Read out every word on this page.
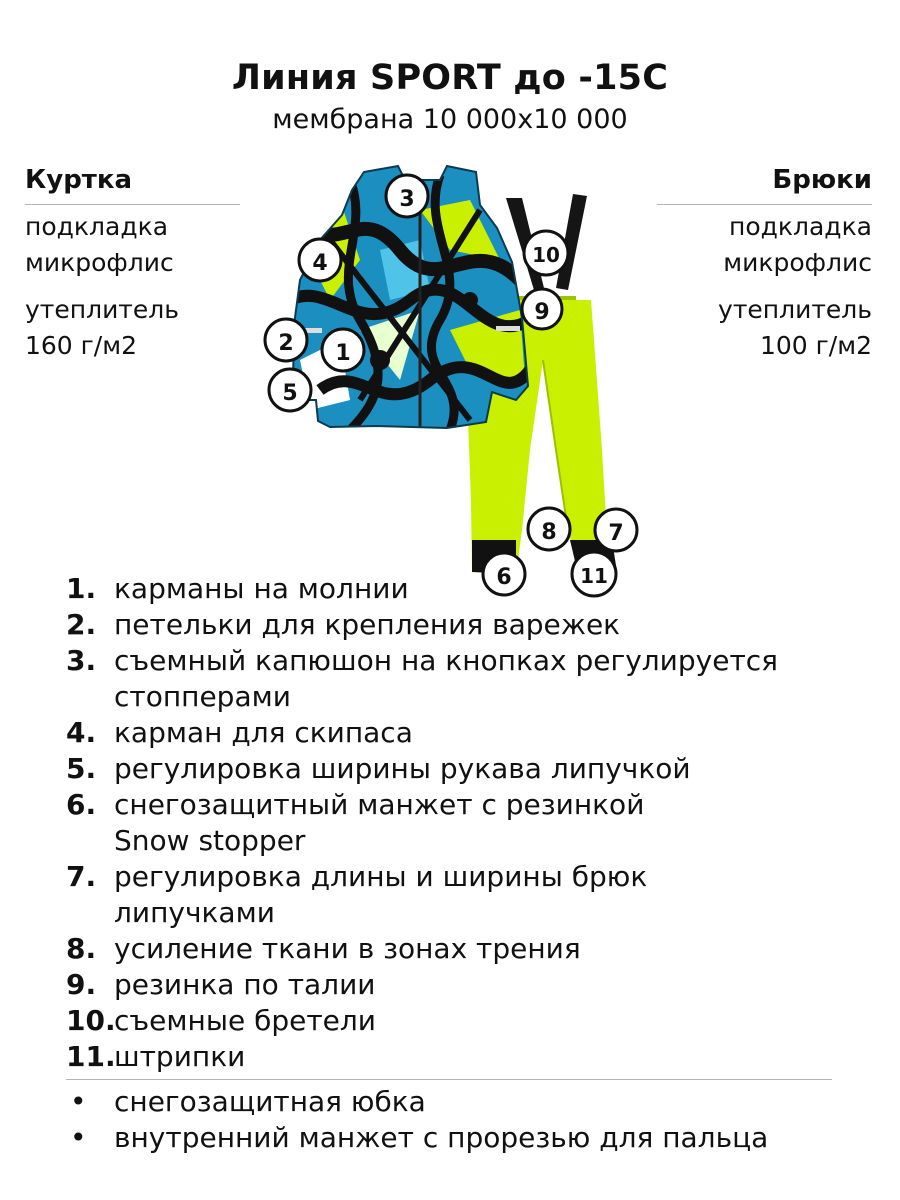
Линия SPORT до -15С
мембрана 10 000х10 000
Куртка
подкладка
микрофлис
утеплитель
160 г/м2
Брюки
подкладка
микрофлис
утеплитель
100 г/м2
3
4
2 1
5
10
9
8 7
6	11
1. карманы на молнии
2. петельки для крепления варежек
3. съемный капюшон на кнопках регулируется
стопперами
4. карман для скипаса
5. регулировка ширины рукава липучкой
6. снегозащитный манжет с резинкой
Snow stopper
7. регулировка длины и ширины брюк
липучками
8. усиление ткани в зонах трения
9. резинка по талии
10.
съемные бретели
11.
штрипки
• снегозащитная юбка
• внутренний манжет с прорезью для пальца
